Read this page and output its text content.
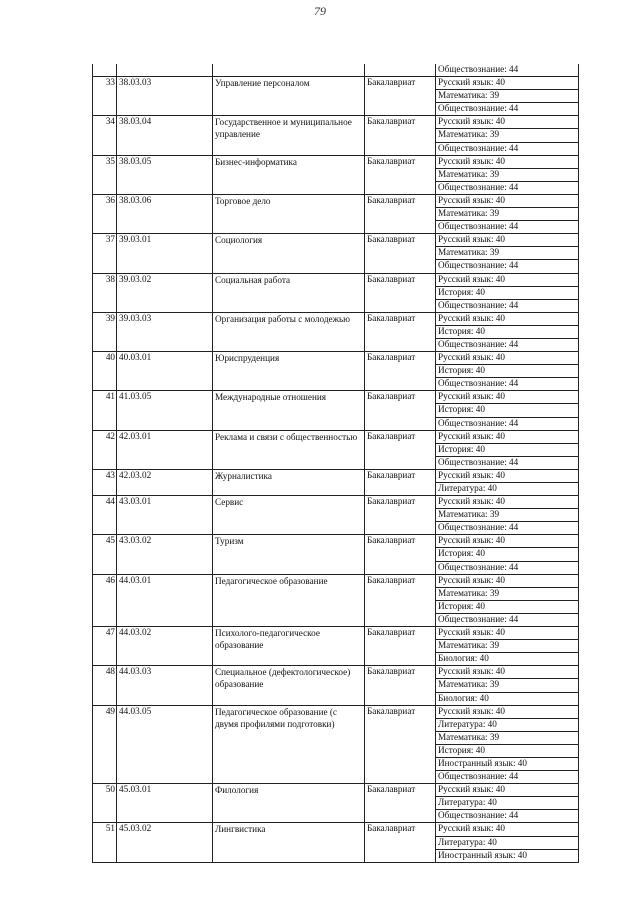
79
				Обществознание: 44
33	38.03.03	Управление персоналом	Бакалавриат	Русский язык: 40
				Математика: 39
				Обществознание: 44
34	38.03.04	Государственное и муниципальное управление	Бакалавриат	Русский язык: 40
				Математика: 39
				Обществознание: 44
35	38.03.05	Бизнес-информатика	Бакалавриат	Русский язык: 40
				Математика: 39
				Обществознание: 44
36	38.03.06	Торговое дело	Бакалавриат	Русский язык: 40
				Математика: 39
				Обществознание: 44
37	39.03.01	Социология	Бакалавриат	Русский язык: 40
				Математика: 39
				Обществознание: 44
38	39.03.02	Социальная работа	Бакалавриат	Русский язык: 40
				История: 40
				Обществознание: 44
39	39.03.03	Организация работы с молодежью	Бакалавриат	Русский язык: 40
				История: 40
				Обществознание: 44
40	40.03.01	Юриспруденция	Бакалавриат	Русский язык: 40
				История: 40
				Обществознание: 44
41	41.03.05	Международные отношения	Бакалавриат	Русский язык: 40
				История: 40
				Обществознание: 44
42	42.03.01	Реклама и связи с общественностью	Бакалавриат	Русский язык: 40
				История: 40
				Обществознание: 44
43	42.03.02	Журналистика	Бакалавриат	Русский язык: 40
				Литература: 40
44	43.03.01	Сервис	Бакалавриат	Русский язык: 40
				Математика: 39
				Обществознание: 44
45	43.03.02	Туризм	Бакалавриат	Русский язык: 40
				История: 40
				Обществознание: 44
46	44.03.01	Педагогическое образование	Бакалавриат	Русский язык: 40
				Математика: 39
				История: 40
				Обществознание: 44
47	44.03.02	Психолого-педагогическое образование	Бакалавриат	Русский язык: 40
				Математика: 39
				Биология: 40
48	44.03.03	Специальное (дефектологическое) образование	Бакалавриат	Русский язык: 40
				Математика: 39
				Биология: 40
49	44.03.05	Педагогическое образование (с двумя профилями подготовки)	Бакалавриат	Русский язык: 40
				Литература: 40
				Математика: 39
				История: 40
				Иностранный язык: 40
				Обществознание: 44
50	45.03.01	Филология	Бакалавриат	Русский язык: 40
				Литература: 40
				Обществознание: 44
51	45.03.02	Лингвистика	Бакалавриат	Русский язык: 40
				Литература: 40
				Иностранный язык: 40
